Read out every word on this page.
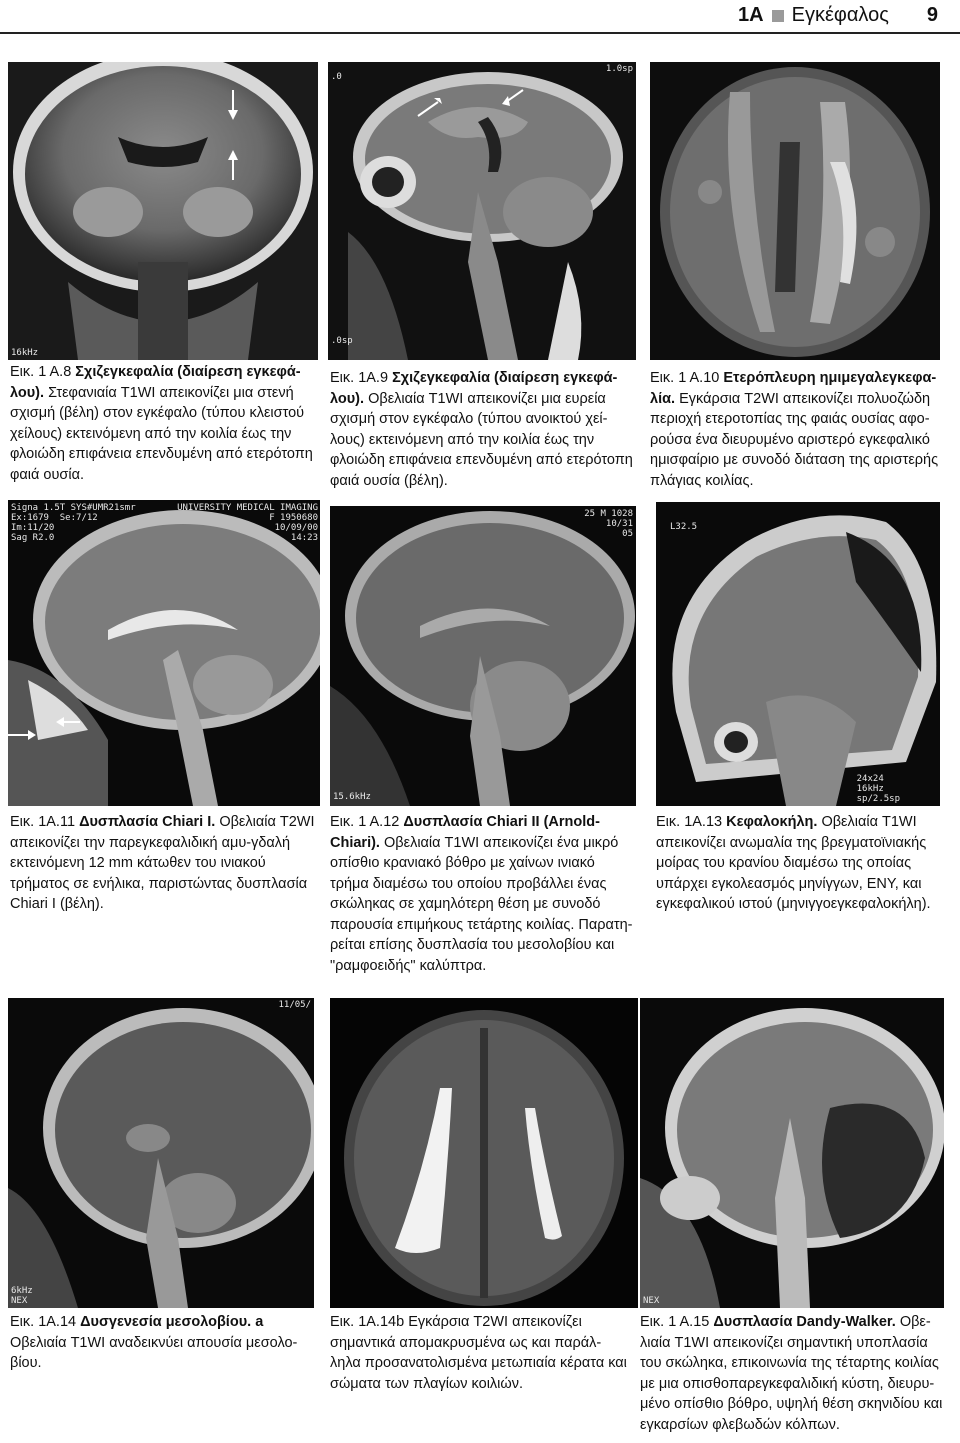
1A Εγκέφαλος 9
16kHz
.0
1.0sp
.0sp
Εικ. 1 Α.8 Σχιζεγκεφαλία (διαίρεση εγκεφά-λου). Στεφανιαία T1WI απεικονίζει μια στενή σχισμή (βέλη) στον εγκέφαλο (τύπου κλειστού χείλους) εκτεινόμενη από την κοιλία έως την φλοιώδη επιφάνεια επενδυμένη από ετερότοπη φαιά ουσία.
Εικ. 1Α.9 Σχιζεγκεφαλία (διαίρεση εγκεφά-λου). Οβελιαία T1WI απεικονίζει μια ευρεία σχισμή στον εγκέφαλο (τύπου ανοικτού χεί-λους) εκτεινόμενη από την κοιλία έως την φλοιώδη επιφάνεια επενδυμένη από ετερότοπη φαιά ουσία (βέλη).
Εικ. 1 Α.10 Ετερόπλευρη ημιμεγαλεγκεφα-λία. Εγκάρσια T2WI απεικονίζει πολυοζώδη περιοχή ετεροτοπίας της φαιάς ουσίας αφο-ρούσα ένα διευρυμένο αριστερό εγκεφαλικό ημισφαίριο με συνοδό διάταση της αριστερής πλάγιας κοιλίας.
Signa 1.5T SYS#UMR21smr
Ex:1679  Se:7/12
Im:11/20
Sag R2.0
UNIVERSITY MEDICAL IMAGING
F 1950680
10/09/00
14:23
25 M 1028
10/31
05
15.6kHz
L32.5
24x24
16kHz
sp/2.5sp
Εικ. 1Α.11 Δυσπλασία Chiari I. Οβελιαία T2WI απεικονίζει την παρεγκεφαλιδική αμυ-γδαλή εκτεινόμενη 12 mm κάτωθεν του ινιακού τρήματος σε ενήλικα, παριστώντας δυσπλασία Chiari I (βέλη).
Εικ. 1 Α.12 Δυσπλασία Chiari II (Arnold-Chiari). Οβελιαία T1WI απεικονίζει ένα μικρό οπίσθιο κρανιακό βόθρο με χαίνων ινιακό τρήμα διαμέσω του οποίου προβάλλει ένας σκώληκας σε χαμηλότερη θέση με συνοδό παρουσία επιμήκους τετάρτης κοιλίας. Παρατη-ρείται επίσης δυσπλασία του μεσολοβίου και "ραμφοειδής" καλύπτρα.
Εικ. 1Α.13 Κεφαλοκήλη. Οβελιαία T1WI απεικονίζει ανωμαλία της βρεγματοϊνιακής μοίρας του κρανίου διαμέσω της οποίας υπάρχει εγκολεασμός μηνίγγων, ΕΝΥ, και εγκεφαλικού ιστού (μηνιγγοεγκεφαλοκήλη).
11/05/
6kHz
NEX	NEX
Εικ. 1Α.14 Δυσγενεσία μεσολοβίου. a Οβελιαία T1WI αναδεικνύει απουσία μεσολο-βίου.
Εικ. 1Α.14b Εγκάρσια T2WI απεικονίζει σημαντικά απομακρυσμένα ως και παράλ-ληλα προσανατολισμένα μετωπιαία κέρατα και σώματα των πλαγίων κοιλιών.
Εικ. 1 Α.15 Δυσπλασία Dandy-Walker. Οβε-λιαία T1WI απεικονίζει σημαντική υποπλασία του σκώληκα, επικοινωνία της τέταρτης κοιλίας με μια οπισθοπαρεγκεφαλιδική κύστη, διευρυ-μένο οπίσθιο βόθρο, υψηλή θέση σκηνιδίου και εγκαρσίων φλεβωδών κόλπων.
